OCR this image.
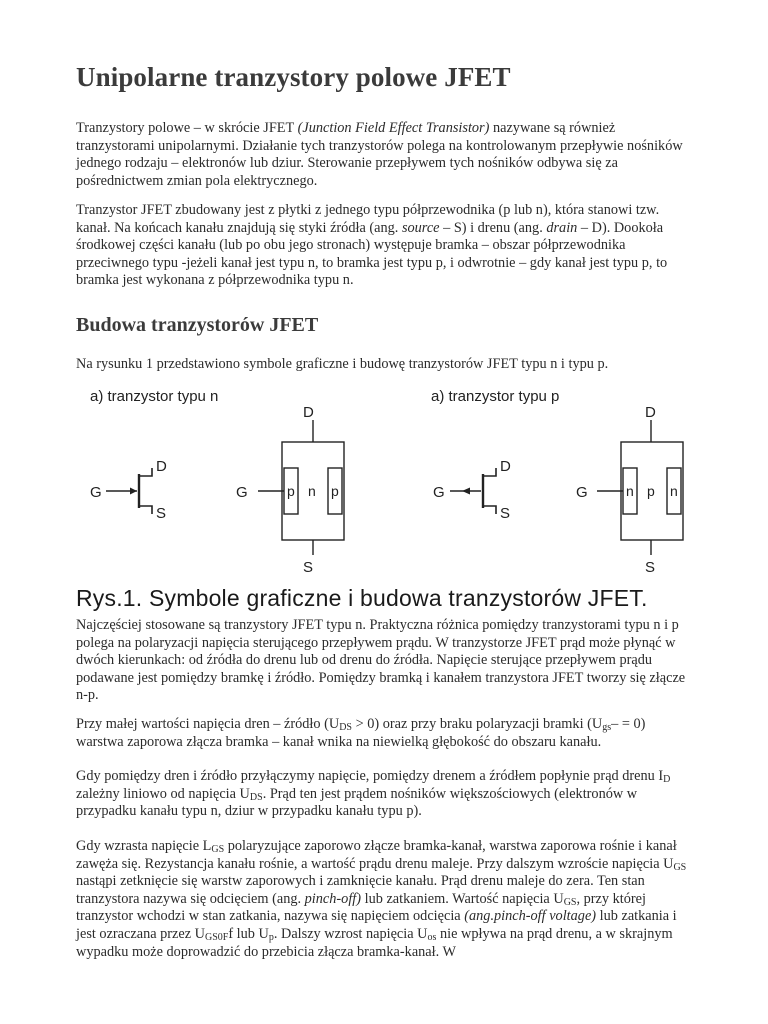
Unipolarne tranzystory polowe JFET

Tranzystory polowe – w skrócie JFET (Junction Field Effect Transistor) nazywane są również tranzystorami unipolarnymi. Działanie tych tranzystorów polega na kontrolowanym przepływie nośników jednego rodzaju – elektronów lub dziur. Sterowanie przepływem tych nośników odbywa się za pośrednictwem zmian pola elektrycznego.

Tranzystor JFET zbudowany jest z płytki z jednego typu półprzewodnika (p lub n), która stanowi tzw. kanał. Na końcach kanału znajdują się styki źródła (ang. source – S) i drenu (ang. drain – D). Dookoła środkowej części kanału (lub po obu jego stronach) występuje bramka – obszar półprzewodnika przeciwnego typu -jeżeli kanał jest typu n, to bramka jest typu p, i odwrotnie – gdy kanał jest typu p, to bramka jest wykonana z półprzewodnika typu n.

Budowa tranzystorów JFET

Na rysunku 1 przedstawiono symbole graficzne i budowę tranzystorów JFET typu n i typu p.

Najczęściej stosowane są tranzystory JFET typu n. Praktyczna różnica pomiędzy tranzystorami typu n i p polega na polaryzacji napięcia sterującego przepływem prądu. W tranzystorze JFET prąd może płynąć w dwóch kierunkach: od źródła do drenu lub od drenu do źródła. Napięcie sterujące przepływem prądu podawane jest pomiędzy bramkę i źródło. Pomiędzy bramką i kanałem tranzystora JFET tworzy się złącze n-p.

Przy małej wartości napięcia dren – źródło $(U_{DS} > 0)$ oraz przy braku polaryzacji bramki $(U_{gs}- = 0)$ warstwa zaporowa złącza bramka – kanał wnika na niewielką głębokość do obszaru kanału.

Gdy pomiędzy dren i źródło przyłączymy napięcie, pomiędzy drenem a źródłem popłynie prąd drenu $I_D$ zależny liniowo od napięcia $U_{DS}$. Prąd ten jest prądem nośników większościowych (elektronów w przypadku kanału typu n, dziur w przypadku kanału typu p).

Gdy wzrasta napięcie $L_{GS}$ polaryzujące zaporowo złącze bramka-kanał, warstwa zaporowa rośnie i kanał zawęża się. Rezystancja kanału rośnie, a wartość prądu drenu maleje. Przy dalszym wzroście napięcia $U_{GS}$ nastąpi zetknięcie się warstw zaporowych i zamknięcie kanału. Prąd drenu maleje do zera. Ten stan tranzystora nazywa się odcięciem (ang. pinch-off) lub zatkaniem. Wartość napięcia $U_{GS}$, przy której tranzystor wchodzi w stan zatkania, nazywa się napięciem odcięcia (ang.pinch-off voltage) lub zatkania i jest ozracz​ana przez $U_{GS0F}f$ lub $U_p$. Dalszy wzrost napięcia $U_{os}$ nie wpływa na prąd drenu, a w skrajnym wypadku może doprowadzić do przebicia złącza bramka-kanał. W

a) tranzystor typu n	a) tranzystor typu p
G
D
S
D
G
S
p n p	G
D
S
D
G
S
n p n
Rys.1. Symbole graficzne i budowa tranzystorów JFET.
